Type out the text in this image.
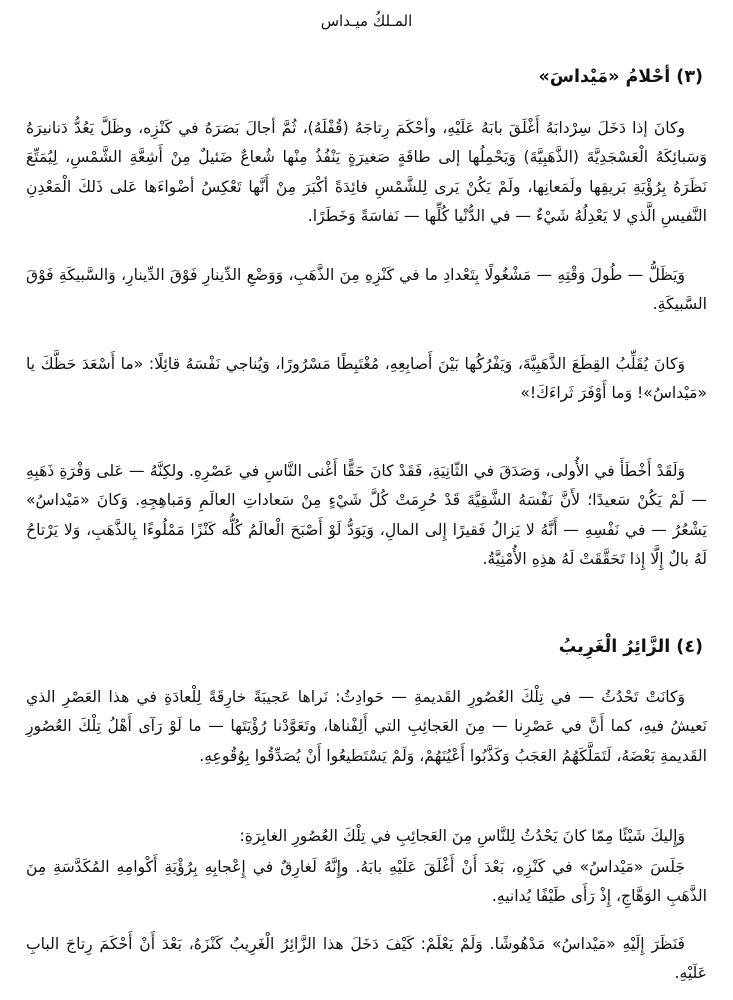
المـلكُ ميـداس
(٣) أحْلامُ «مَيْداسَ»

وكانَ إذا دَخَلَ سِرْدابَهُ أَغْلَقَ بابَهُ عَلَيْهِ، وأحْكَمَ رِتاجَهُ (قُفْلَهُ)، ثُمَّ أجالَ بَصَرَهُ في كَنْزِه، وظَلَّ يَعُدُّ دَنانيرَهُ وَسَبائِكَهُ الْعَسْجَدِيَّةَ (الذَّهَبِيَّةَ) وَيَحْمِلُها إلى طاقَةٍ صَغيرَةٍ يَنْفُذُ مِنْها شُعاعٌ ضَئيلٌ مِنْ أَشِعَّةِ الشَّمْسِ، لِيُمَتِّعَ نَظَرَهُ بِرُؤْيَةِ بَريقِها ولَمَعانِها، ولَمْ يَكُنْ يَرى لِلشَّمْسِ فائِدَةً أكْبَرَ مِنْ أَنَّها تَعْكِسُ أضْواءَها عَلى ذَلكَ الْمَعْدِنِ النَّفيسِ الَّذي لا يَعْدِلُهُ شَيْءٌ — في الدُّنْيا كُلِّها — نَفاسَةً وَخَطَرًا.

وَيَظَلُّ — طُولَ وَقْتِهِ — مَشْغُولًا بِتَعْدادِ ما في كَنْزِهِ مِنَ الذَّهَبِ، وَوَضْعِ الدِّينارِ فَوْقَ الدِّينارِ، وَالسَّبيكَةِ فَوْقَ السَّبيكَةِ.

وَكانَ يُقَلِّبُ القِطَعَ الذَّهَبِيَّةَ، وَيَفْرُكُها بَيْنَ أَصابِعِهِ، مُغْتَبِطًا مَسْرُورًا، وَيُناجي نَفْسَهُ قائِلًا: «ما أَسْعَدَ حَظَّكَ يا «مَيْداسُ»! وَما أَوْفَرَ ثَراءَكَ!»

وَلَقَدْ أَخْطَأَ في الأُولى، وَصَدَقَ في الثّانِيَةِ، فَقَدْ كانَ حَقًّا أَغْنى النَّاسِ في عَصْرِهِ. ولكِنَّهُ — عَلى وَفْرَةِ ذَهَبِهِ — لَمْ يَكُنْ سَعيدًا؛ لأَنَّ نَفْسَهُ الشَّقِيَّةَ قَدْ حُرِمَتْ كُلَّ شَيْءٍ مِنْ سَعاداتِ العالَمِ وَمَباهِجِهِ. وَكانَ «مَيْداسُ» يَشْعُرُ — في نَفْسِهِ — أَنَّهُ لا يَزالُ فَقيرًا إِلى المالِ، وَيَوَدُّ لَوْ أَصْبَحَ الْعالَمُ كُلُّه كَنْزًا مَمْلُوءًا بِالذَّهَبِ، وَلا يَرْتاحُ لَهُ بالٌ إِلَّا إِذا تَحَقَّقَتْ لَهُ هذِهِ الأُمْنِيَّةُ.

(٤) الزَّائِرُ الْغَرِيبُ

وَكانَتْ تَحْدُثُ — في تِلْكَ العُصُورِ القَديمةِ — حَوادِثُ: نَراها عَجيبَةً خارِقَةً لِلْعادَةِ في هذا العَصْرِ الذي نَعيشُ فيهِ، كما أَنَّ في عَصْرِنا — مِنَ العَجائِبِ التي أَلِفْناها، وتَعَوَّدْنا رُؤْيَتَها — ما لَوْ رَآى أَهْلُ تِلْكَ العُصُورِ القَديمةِ بَعْضَهُ، لَتَمَلَّكَهُمُ العَجَبُ وَكَذَّبُوا أَعْيُنَهُمْ، وَلَمْ يَسْتَطيعُوا أَنْ يُصَدِّقُوا بِوُقُوعِهِ.

وَإِليكَ شَيْئًا مِمّا كانَ يَحْدُثُ لِلنَّاسِ مِنَ العَجائِبِ في تِلْكَ العُصُورِ الغابِرَةِ:

جَلَسَ «مَيْداسُ» في كَنْزِهِ، بَعْدَ أَنْ أَغْلَقَ عَلَيْهِ بابَهُ. وإِنَّهُ لَغارِقٌ في إِعْجابِهِ بِرُؤْيَةِ أَكْوامِهِ المُكَدَّسَةِ مِنَ الذَّهَبِ الوَهَّاجِ، إِذْ رَأَى طَيْفًا يُدانيهِ.

فَنَظَرَ إِلَيْهِ «مَيْداسُ» مَدْهُوشًا. وَلَمْ يَعْلَمْ: كَيْفَ دَخَلَ هذا الزَّائِرُ الْغَرِيبُ كَنْزَهُ، بَعْدَ أَنْ أَحْكَمَ رِتاجَ البابِ عَلَيْهِ.
